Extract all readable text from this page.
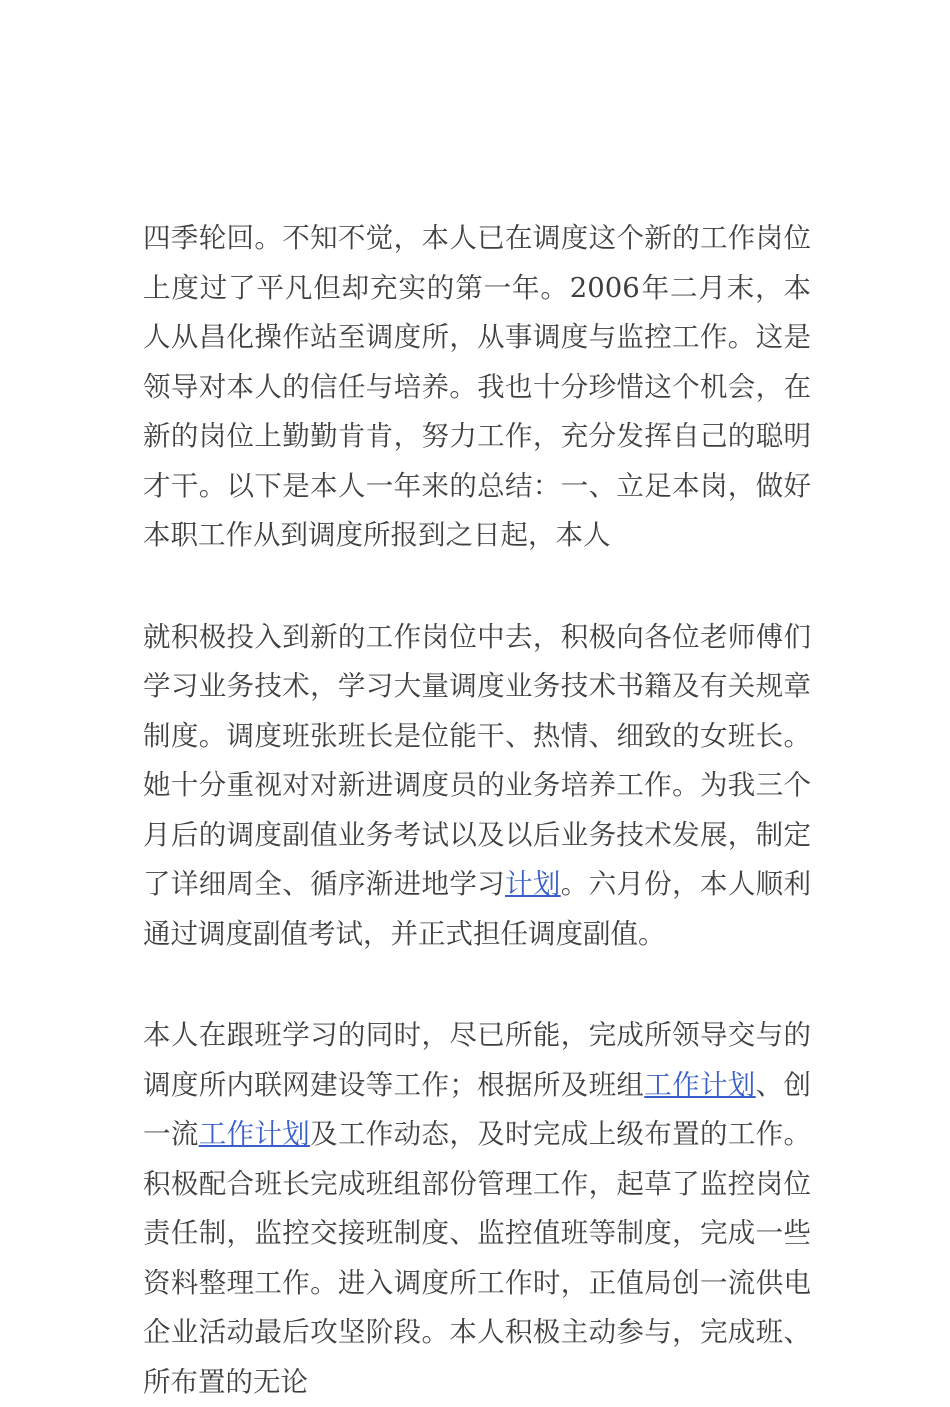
四季轮回。不知不觉，本人已在调度这个新的工作岗位上度过了平凡但却充实的第一年。2006年二月末，本人从昌化操作站至调度所，从事调度与监控工作。这是领导对本人的信任与培养。我也十分珍惜这个机会，在新的岗位上勤勤肯肯，努力工作，充分发挥自己的聪明才干。以下是本人一年来的总结：一、立足本岗，做好本职工作从到调度所报到之日起，本人

就积极投入到新的工作岗位中去，积极向各位老师傅们学习业务技术，学习大量调度业务技术书籍及有关规章制度。调度班张班长是位能干、热情、细致的女班长。她十分重视对对新进调度员的业务培养工作。为我三个月后的调度副值业务考试以及以后业务技术发展，制定了详细周全、循序渐进地学习计划。六月份，本人顺利通过调度副值考试，并正式担任调度副值。

本人在跟班学习的同时，尽已所能，完成所领导交与的调度所内联网建设等工作；根据所及班组工作计划、创一流工作计划及工作动态，及时完成上级布置的工作。积极配合班长完成班组部份管理工作，起草了监控岗位责任制，监控交接班制度、监控值班等制度，完成一些资料整理工作。进入调度所工作时，正值局创一流供电企业活动最后攻坚阶段。本人积极主动参与，完成班、所布置的无论
